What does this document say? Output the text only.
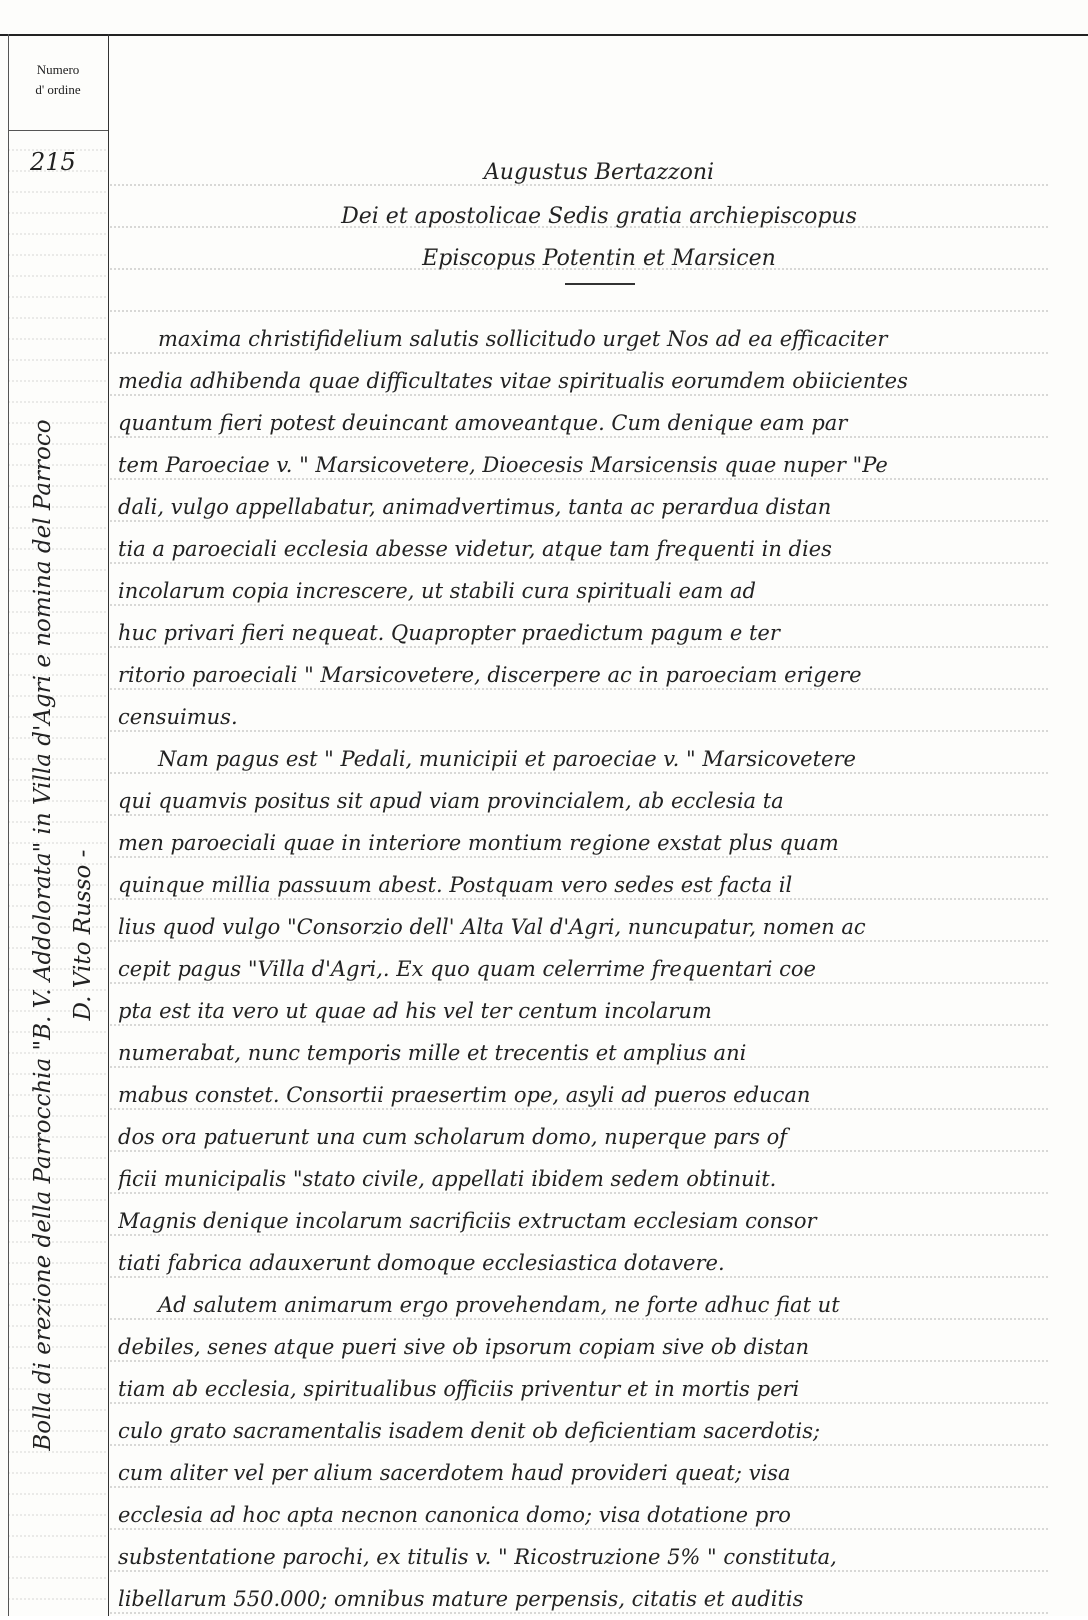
Numero
d' ordine
215
Bolla di erezione della Parrocchia "B. V. Addolorata" in Villa d'Agri e nomina del Parroco D. Vito Russo -
Augustus Bertazzoni
Dei et apostolicae Sedis gratia archiepiscopus
Episcopus Potentin et Marsicen
maxima christifidelium salutis sollicitudo urget Nos ad ea efficaciter
media adhibenda quae difficultates vitae spiritualis eorumdem obiicientes
quantum fieri potest deuincant amoveantque. Cum denique eam par
tem Paroeciae v. " Marsicovetere, Dioecesis Marsicensis quae nuper "Pe
dali, vulgo appellabatur, animadvertimus, tanta ac perardua distan
tia a paroeciali ecclesia abesse videtur, atque tam frequenti in dies
incolarum copia increscere, ut stabili cura spirituali eam ad
huc privari fieri nequeat. Quapropter praedictum pagum e ter
ritorio paroeciali " Marsicovetere, discerpere ac in paroeciam erigere
censuimus.
Nam pagus est " Pedali, municipii et paroeciae v. " Marsicovetere
qui quamvis positus sit apud viam provincialem, ab ecclesia ta
men paroeciali quae in interiore montium regione exstat plus quam
quinque millia passuum abest. Postquam vero sedes est facta il
lius quod vulgo "Consorzio dell' Alta Val d'Agri, nuncupatur, nomen ac
cepit pagus "Villa d'Agri,. Ex quo quam celerrime frequentari coe
pta est ita vero ut quae ad his vel ter centum incolarum
numerabat, nunc temporis mille et trecentis et amplius ani
mabus constet. Consortii praesertim ope, asyli ad pueros educan
dos ora patuerunt una cum scholarum domo, nuperque pars of
ficii municipalis "stato civile, appellati ibidem sedem obtinuit.
Magnis denique incolarum sacrificiis extructam ecclesiam consor
tiati fabrica adauxerunt domoque ecclesiastica dotavere.
Ad salutem animarum ergo provehendam, ne forte adhuc fiat ut
debiles, senes atque pueri sive ob ipsorum copiam sive ob distan
tiam ab ecclesia, spiritualibus officiis priventur et in mortis peri
culo grato sacramentalis isadem denit ob deficientiam sacerdotis;
cum aliter vel per alium sacerdotem haud provideri queat; visa
ecclesia ad hoc apta necnon canonica domo; visa dotatione pro
substentatione parochi, ex titulis v. " Ricostruzione 5% " constituta,
libellarum 550.000; omnibus mature perpensis, citatis et auditis
